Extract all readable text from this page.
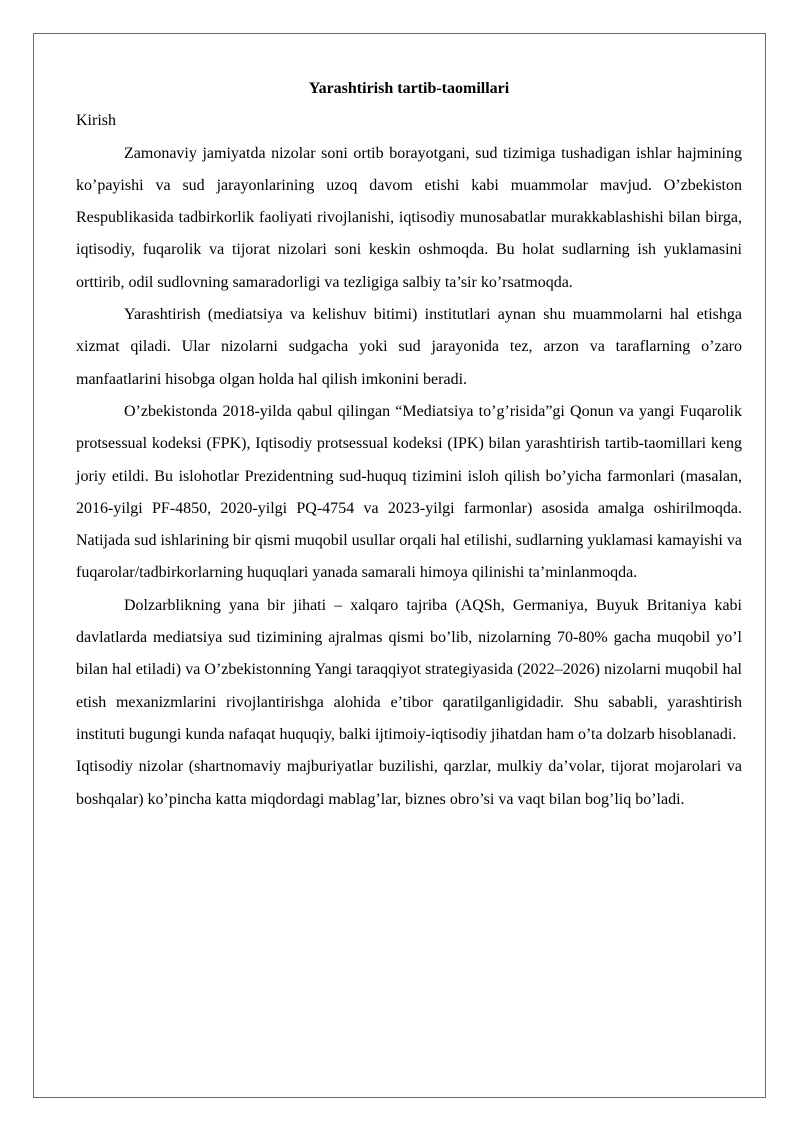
Yarashtirish tartib-taomillari

Kirish

Zamonaviy jamiyatda nizolar soni ortib borayotgani, sud tizimiga tushadigan ishlar hajmining ko’payishi va sud jarayonlarining uzoq davom etishi kabi muammolar mavjud. O’zbekiston Respublikasida tadbirkorlik faoliyati rivojlanishi, iqtisodiy munosabatlar murakkablashishi bilan birga, iqtisodiy, fuqarolik va tijorat nizolari soni keskin oshmoqda. Bu holat sudlarning ish yuklamasini orttirib, odil sudlovning samaradorligi va tezligiga salbiy ta’sir ko’rsatmoqda.

Yarashtirish (mediatsiya va kelishuv bitimi) institutlari aynan shu muammolarni hal etishga xizmat qiladi. Ular nizolarni sudgacha yoki sud jarayonida tez, arzon va taraflarning o’zaro manfaatlarini hisobga olgan holda hal qilish imkonini beradi.

O’zbekistonda 2018-yilda qabul qilingan “Mediatsiya to’g’risida”gi Qonun va yangi Fuqarolik protsessual kodeksi (FPK), Iqtisodiy protsessual kodeksi (IPK) bilan yarashtirish tartib-taomillari keng joriy etildi. Bu islohotlar Prezidentning sud-huquq tizimini isloh qilish bo’yicha farmonlari (masalan, 2016-yilgi PF-4850, 2020-yilgi PQ-4754 va 2023-yilgi farmonlar) asosida amalga oshirilmoqda. Natijada sud ishlarining bir qismi muqobil usullar orqali hal etilishi, sudlarning yuklamasi kamayishi va fuqarolar/tadbirkorlarning huquqlari yanada samarali himoya qilinishi ta’minlanmoqda.

Dolzarblikning yana bir jihati – xalqaro tajriba (AQSh, Germaniya, Buyuk Britaniya kabi davlatlarda mediatsiya sud tizimining ajralmas qismi bo’lib, nizolarning 70-80% gacha muqobil yo’l bilan hal etiladi) va O’zbekistonning Yangi taraqqiyot strategiyasida (2022–2026) nizolarni muqobil hal etish mexanizmlarini rivojlantirishga alohida e’tibor qaratilganligidadir. Shu sababli, yarashtirish instituti bugungi kunda nafaqat huquqiy, balki ijtimoiy-iqtisodiy jihatdan ham o’ta dolzarb hisoblanadi.

Iqtisodiy nizolar (shartnomaviy majburiyatlar buzilishi, qarzlar, mulkiy da’volar, tijorat mojarolari va boshqalar) ko’pincha katta miqdordagi mablag’lar, biznes obro’si va vaqt bilan bog’liq bo’ladi.
